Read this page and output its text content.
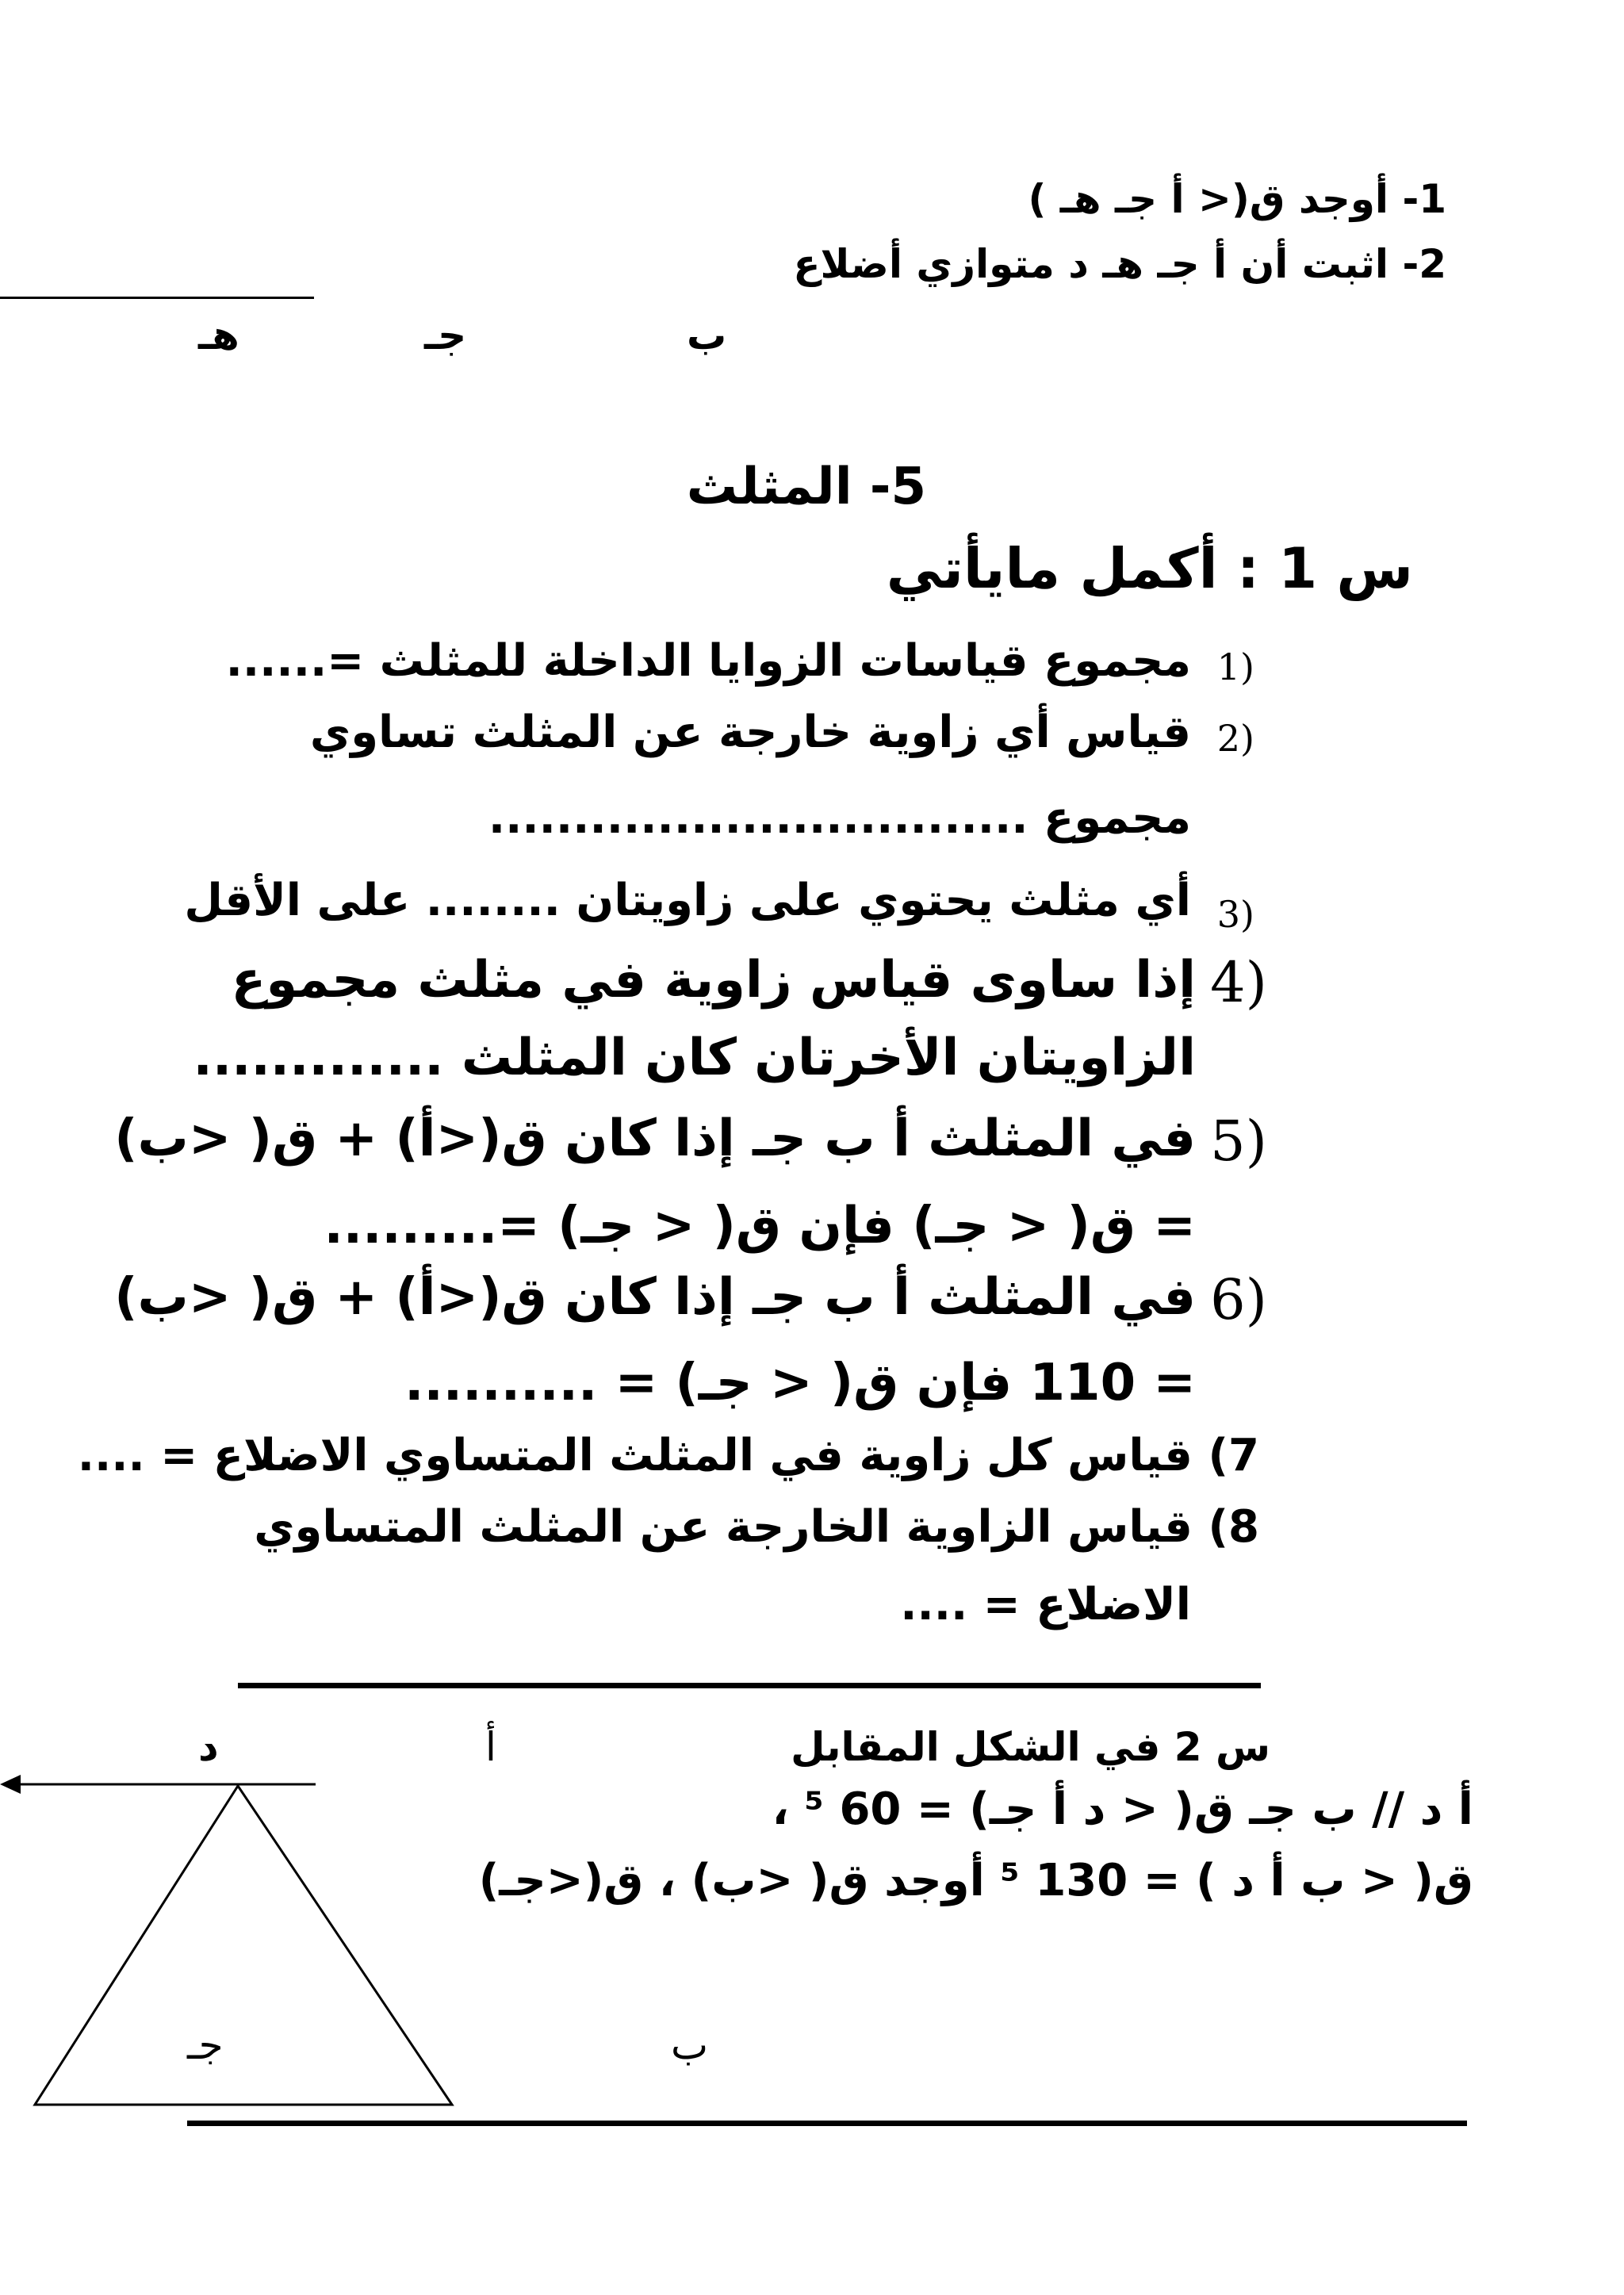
1- أوجد ق(< أ جـ هـ )
2- اثبت أن أ جـ هـ د متوازي أضلاع
ب
جـ
هـ
5- المثلث
س 1 : أكمل مايأتي
1)
مجموع قياسات الزوايا الداخلة للمثلث =......
2)
قياس أي زاوية خارجة عن المثلث تساوي
مجموع ................................
3)
أي مثلث يحتوي على زاويتان ........ على الأقل
4)
إذا ساوى قياس زاوية في مثلث مجموع
الزاويتان الأخرتان كان المثلث .............
5)
في المثلث أ ب جـ إذا كان ق(<أ) + ق( <ب)
= ق( < جـ) فإن ق( < جـ) =.........
6)
في المثلث أ ب جـ إذا كان ق(<أ) + ق( <ب)
= 110 فإن ق( < جـ) = ..........
7) قياس كل زاوية في المثلث المتساوي الاضلاع = ....
8) قياس الزاوية الخارجة عن المثلث المتساوي
الاضلاع = ....
س 2 في الشكل المقابل
أ
د
أ د // ب جـ ق( < د أ جـ) = 60 ⁵ ،
ق( < ب أ د ) = 130 ⁵ أوجد ق( <ب) ، ق(<جـ)
جـ	ب
